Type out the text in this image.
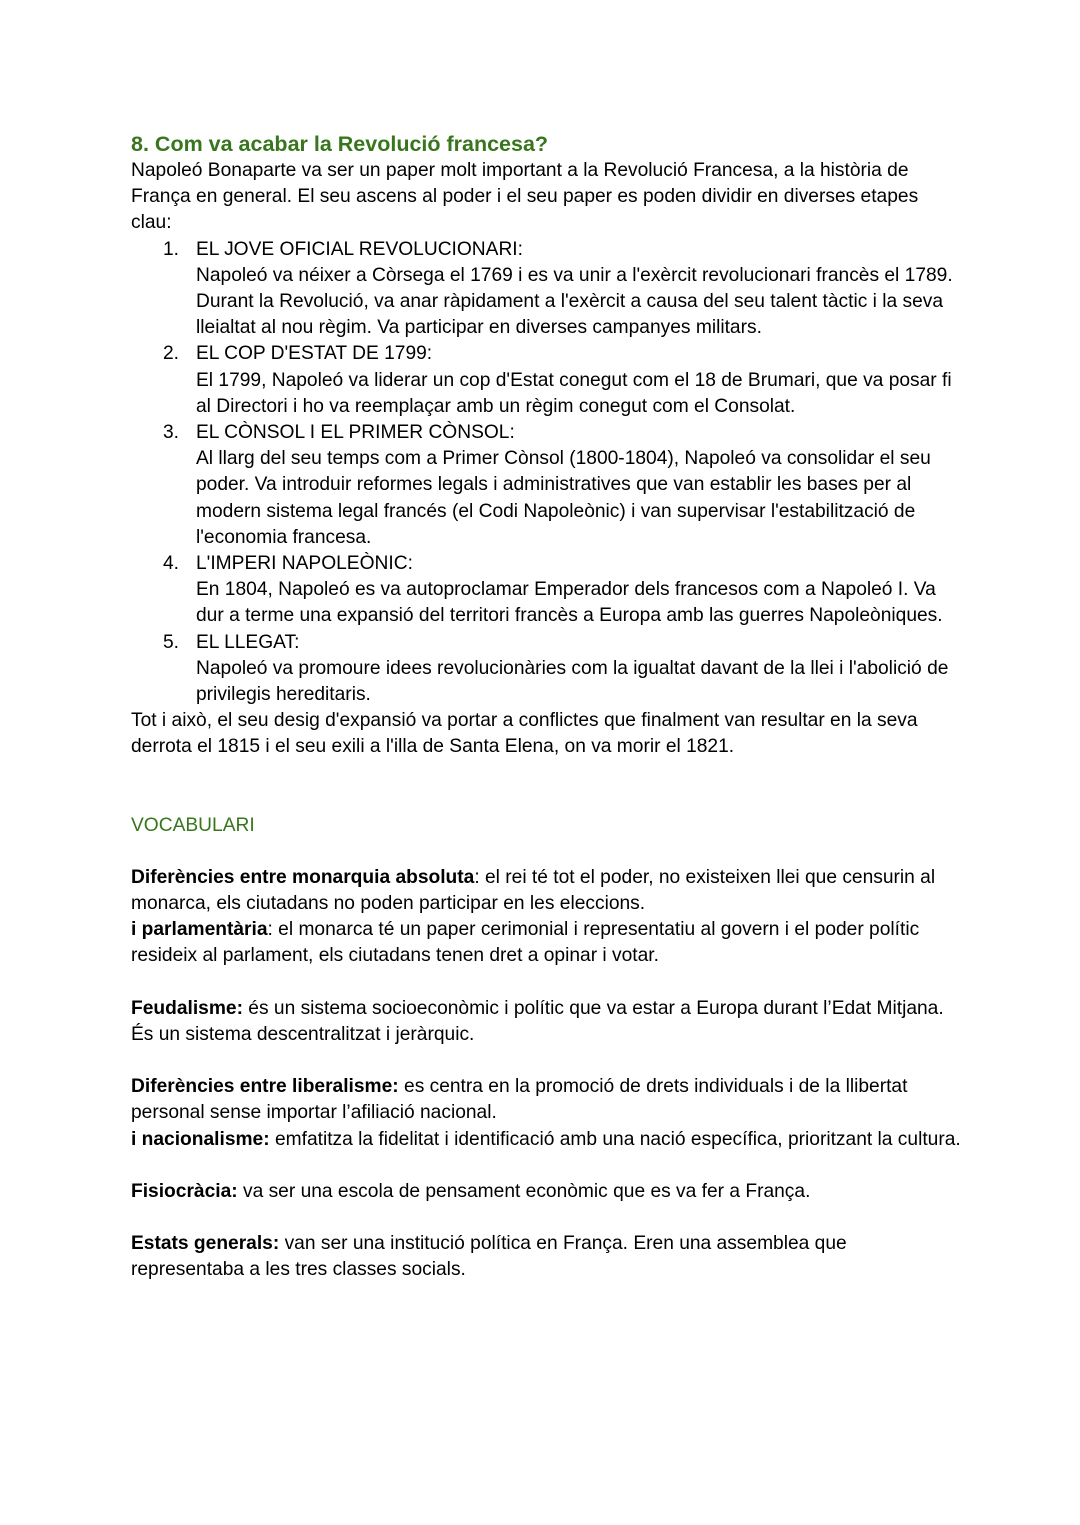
8. Com va acabar la Revolució francesa?

Napoleó Bonaparte va ser un paper molt important a la Revolució Francesa, a la història de França en general. El seu ascens al poder i el seu paper es poden dividir en diverses etapes clau:

1. EL JOVE OFICIAL REVOLUCIONARI:
Napoleó va néixer a Còrsega el 1769 i es va unir a l'exèrcit revolucionari francès el 1789. Durant la Revolució, va anar ràpidament a l'exèrcit a causa del seu talent tàctic i la seva lleialtat al nou règim. Va participar en diverses campanyes militars.
2. EL COP D'ESTAT DE 1799:
El 1799, Napoleó va liderar un cop d'Estat conegut com el 18 de Brumari, que va posar fi al Directori i ho va reemplaçar amb un règim conegut com el Consolat.
3. EL CÒNSOL I EL PRIMER CÒNSOL:
Al llarg del seu temps com a Primer Cònsol (1800-1804), Napoleó va consolidar el seu poder. Va introduir reformes legals i administratives que van establir les bases per al modern sistema legal francés (el Codi Napoleònic) i van supervisar l'estabilització de l'economia francesa.
4. L'IMPERI NAPOLEÒNIC:
En 1804, Napoleó es va autoproclamar Emperador dels francesos com a Napoleó I. Va dur a terme una expansió del territori francès a Europa amb las guerres Napoleòniques.
5. EL LLEGAT:
Napoleó va promoure idees revolucionàries com la igualtat davant de la llei i l'abolició de privilegis hereditaris.

Tot i això, el seu desig d'expansió va portar a conflictes que finalment van resultar en la seva derrota el 1815 i el seu exili a l'illa de Santa Elena, on va morir el 1821.

VOCABULARI

Diferències entre monarquia absoluta: el rei té tot el poder, no existeixen llei que censurin al monarca, els ciutadans no poden participar en les eleccions.
i parlamentària: el monarca té un paper cerimonial i representatiu al govern i el poder polític resideix al parlament, els ciutadans tenen dret a opinar i votar.

Feudalisme: és un sistema socioeconòmic i polític que va estar a Europa durant l’Edat Mitjana. És un sistema descentralitzat i jeràrquic.

Diferències entre liberalisme: es centra en la promoció de drets individuals i de la llibertat personal sense importar l’afiliació nacional.
i nacionalisme: emfatitza la fidelitat i identificació amb una nació específica, prioritzant la cultura.

Fisiocràcia: va ser una escola de pensament econòmic que es va fer a França.

Estats generals: van ser una institució política en França. Eren una assemblea que representaba a les tres classes socials.
